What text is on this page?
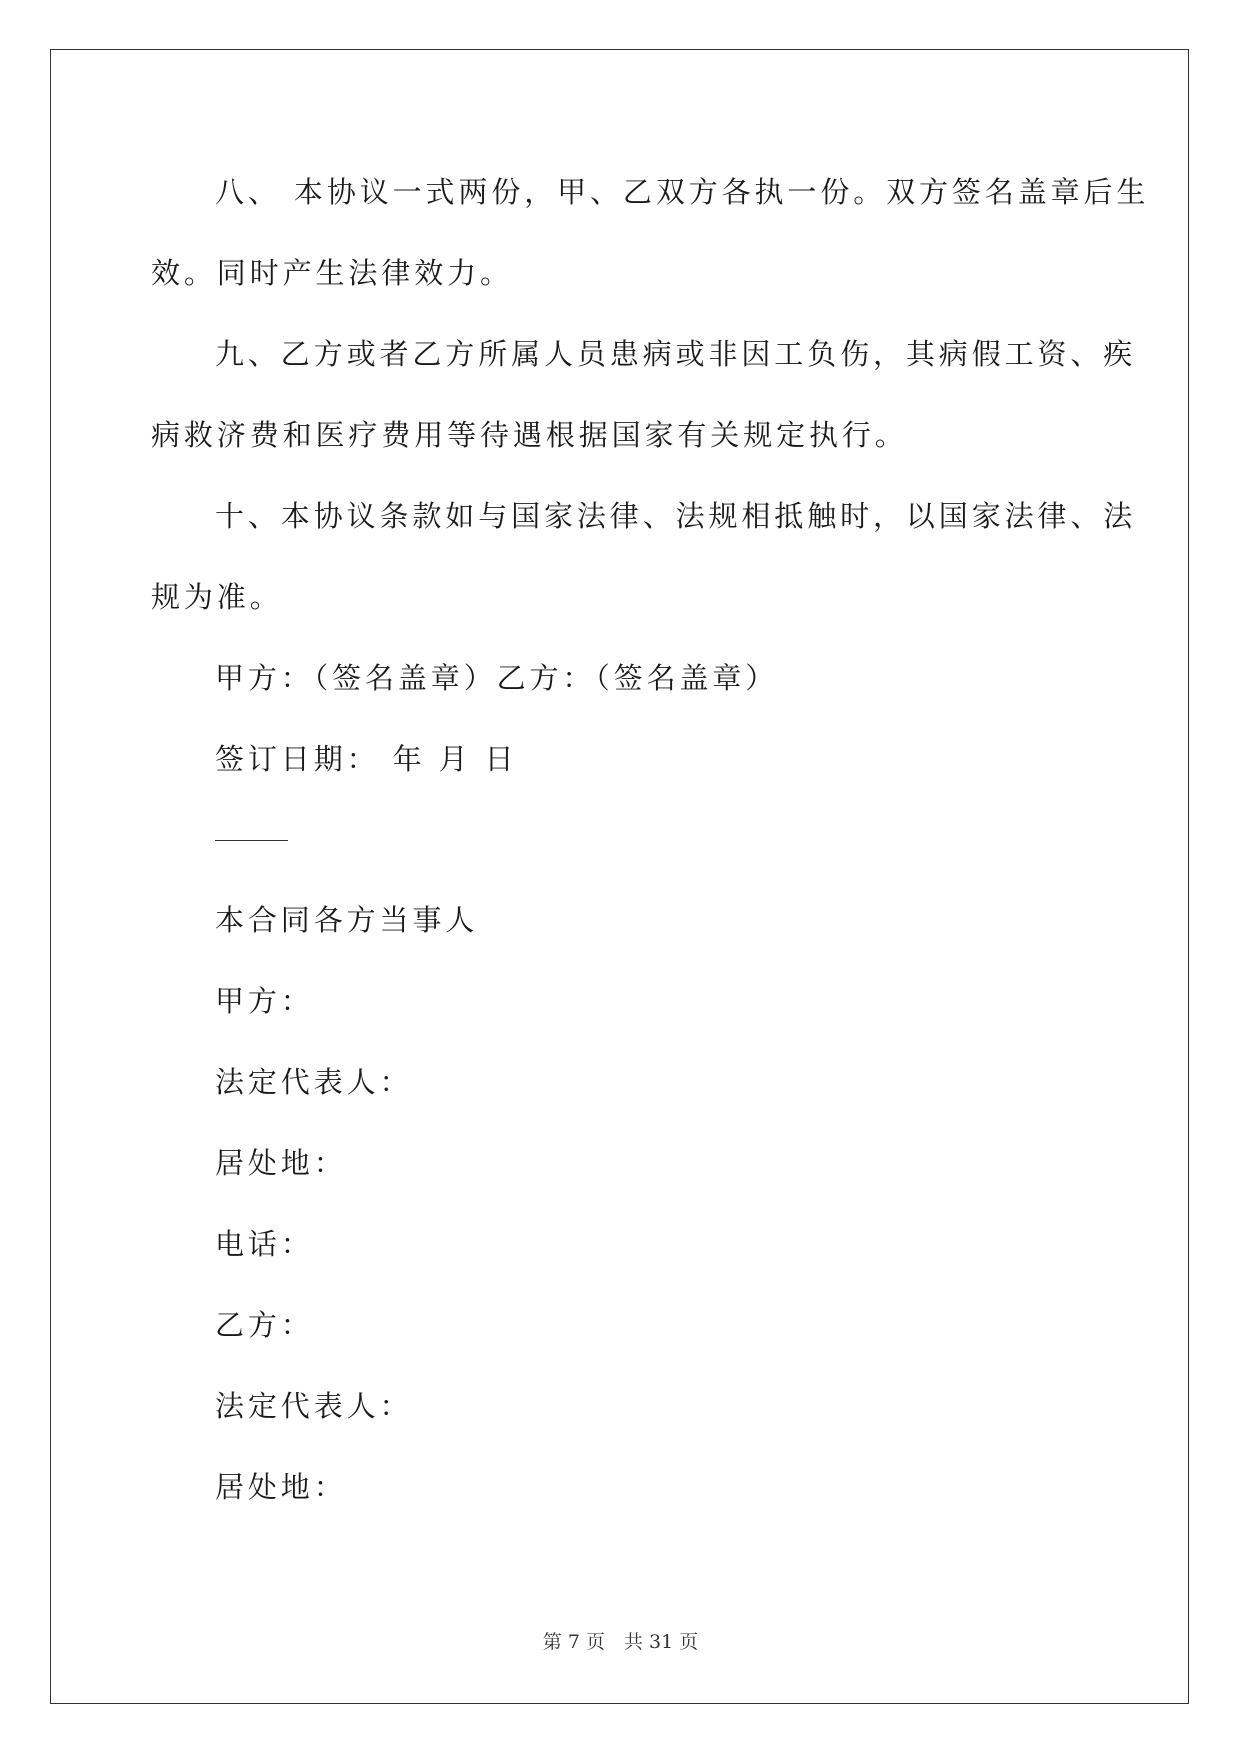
八、 本协议一式两份，甲、乙双方各执一份。双方签名盖章后生
效。同时产生法律效力。
九、乙方或者乙方所属人员患病或非因工负伤，其病假工资、疾
病救济费和医疗费用等待遇根据国家有关规定执行。
十、本协议条款如与国家法律、法规相抵触时，以国家法律、法
规为准。
甲方：（签名盖章）乙方：（签名盖章）
签订日期： 年 月 日
本合同各方当事人
甲方：
法定代表人：
居处地：
电话：
乙方：
法定代表人：
居处地：
第 7 页　共 31 页
